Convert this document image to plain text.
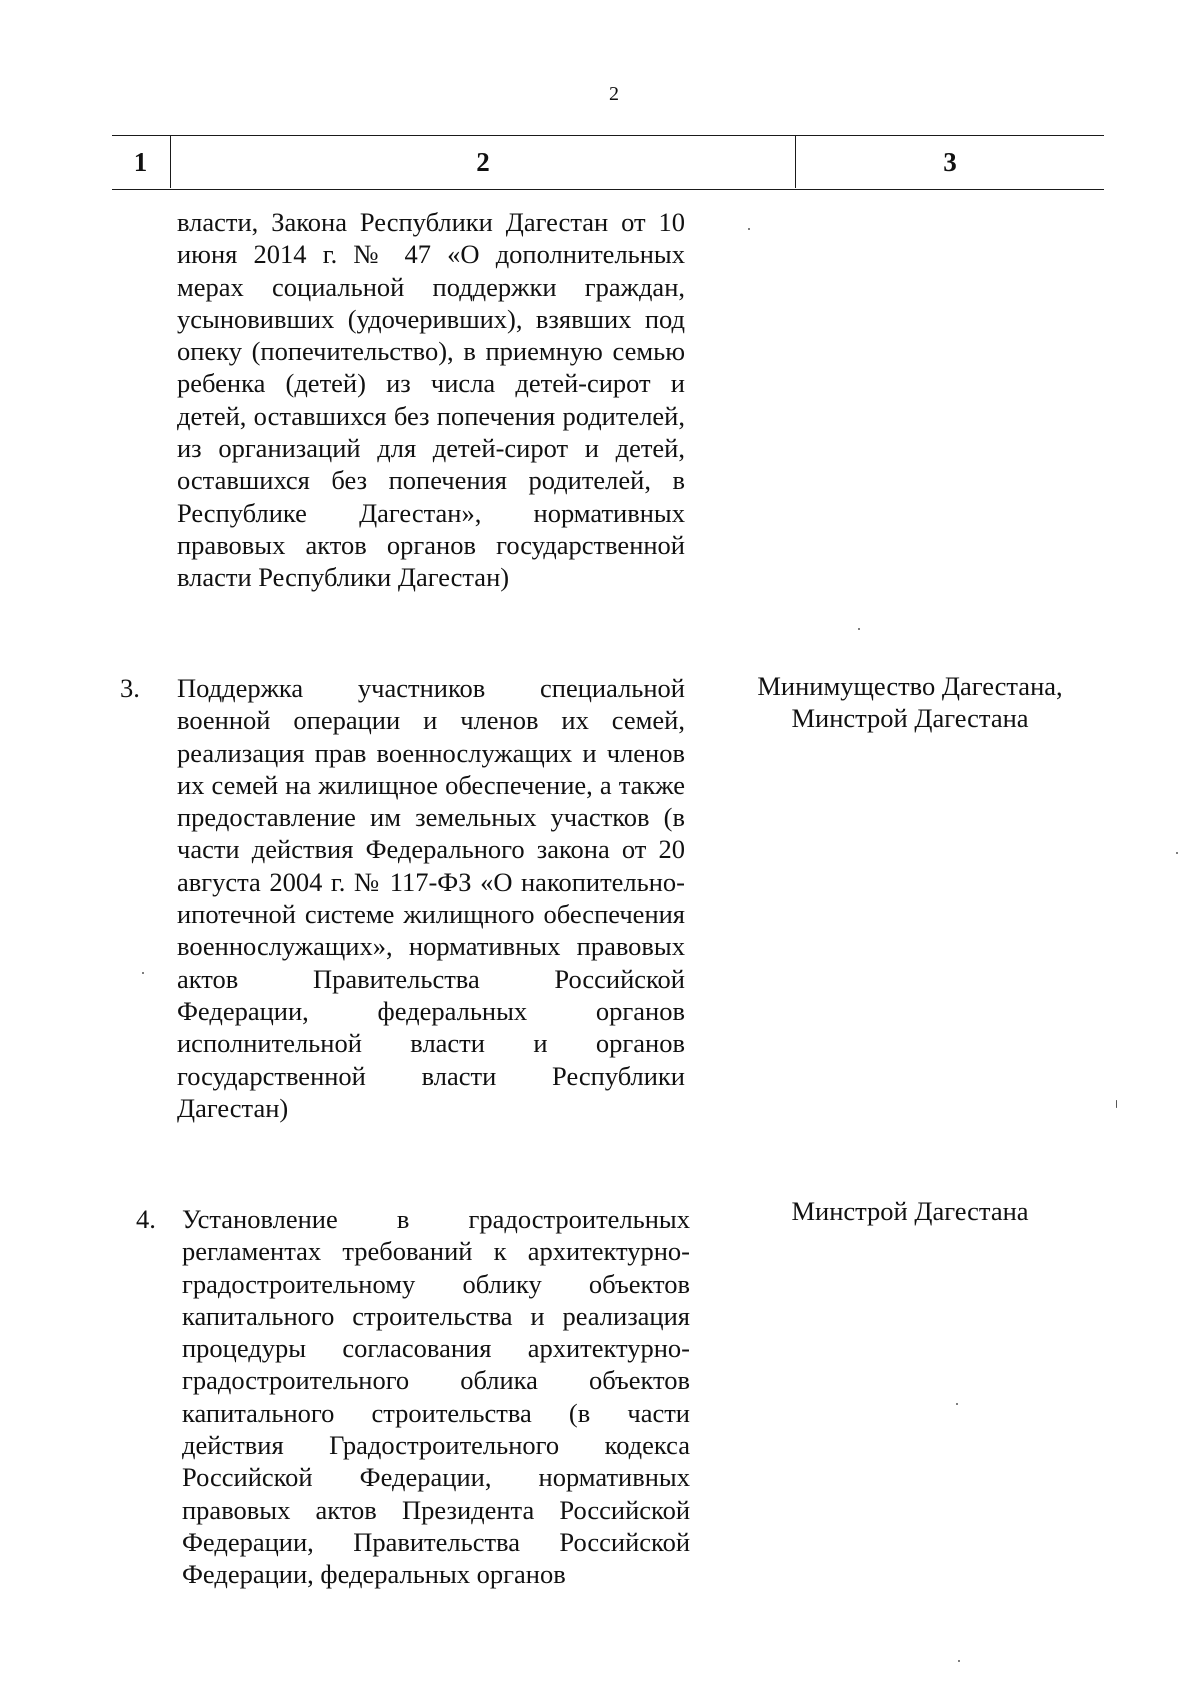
2
1	2	3

власти, Закона Республики Дагестан от 10 июня 2014 г. № 47 «О дополнительных мерах социальной поддержки граждан, усыновивших (удочеривших), взявших под опеку (попечительство), в приемную семью ребенка (детей) из числа детей-сирот и детей, оставшихся без попечения родителей, из организаций для детей-сирот и детей, оставшихся без попечения родителей, в Республике Дагестан», нормативных правовых актов органов государственной власти Республики Дагестан)

3. Поддержка участников специальной военной операции и членов их семей, реализация прав военнослужащих и членов их семей на жилищное обеспечение, а также предоставление им земельных участков (в части действия Федерального закона от 20 августа 2004 г. № 117-ФЗ «О накопительно-ипотечной системе жилищного обеспечения военнослужащих», нормативных правовых актов Правительства Российской Федерации, федеральных органов исполнительной власти и органов государственной власти Республики Дагестан)

Минимущество Дагестана,
Минстрой Дагестана
4. Установление в градостроительных регламентах требований к архитектурно-градостроительному облику объектов капитального строительства и реализация процедуры согласования архитектурно-градостроительного облика объектов капитального строительства (в части действия Градостроительного кодекса Российской Федерации, нормативных правовых актов Президента Российской Федерации, Правительства Российской Федерации, федеральных органов

Минстрой Дагестана
